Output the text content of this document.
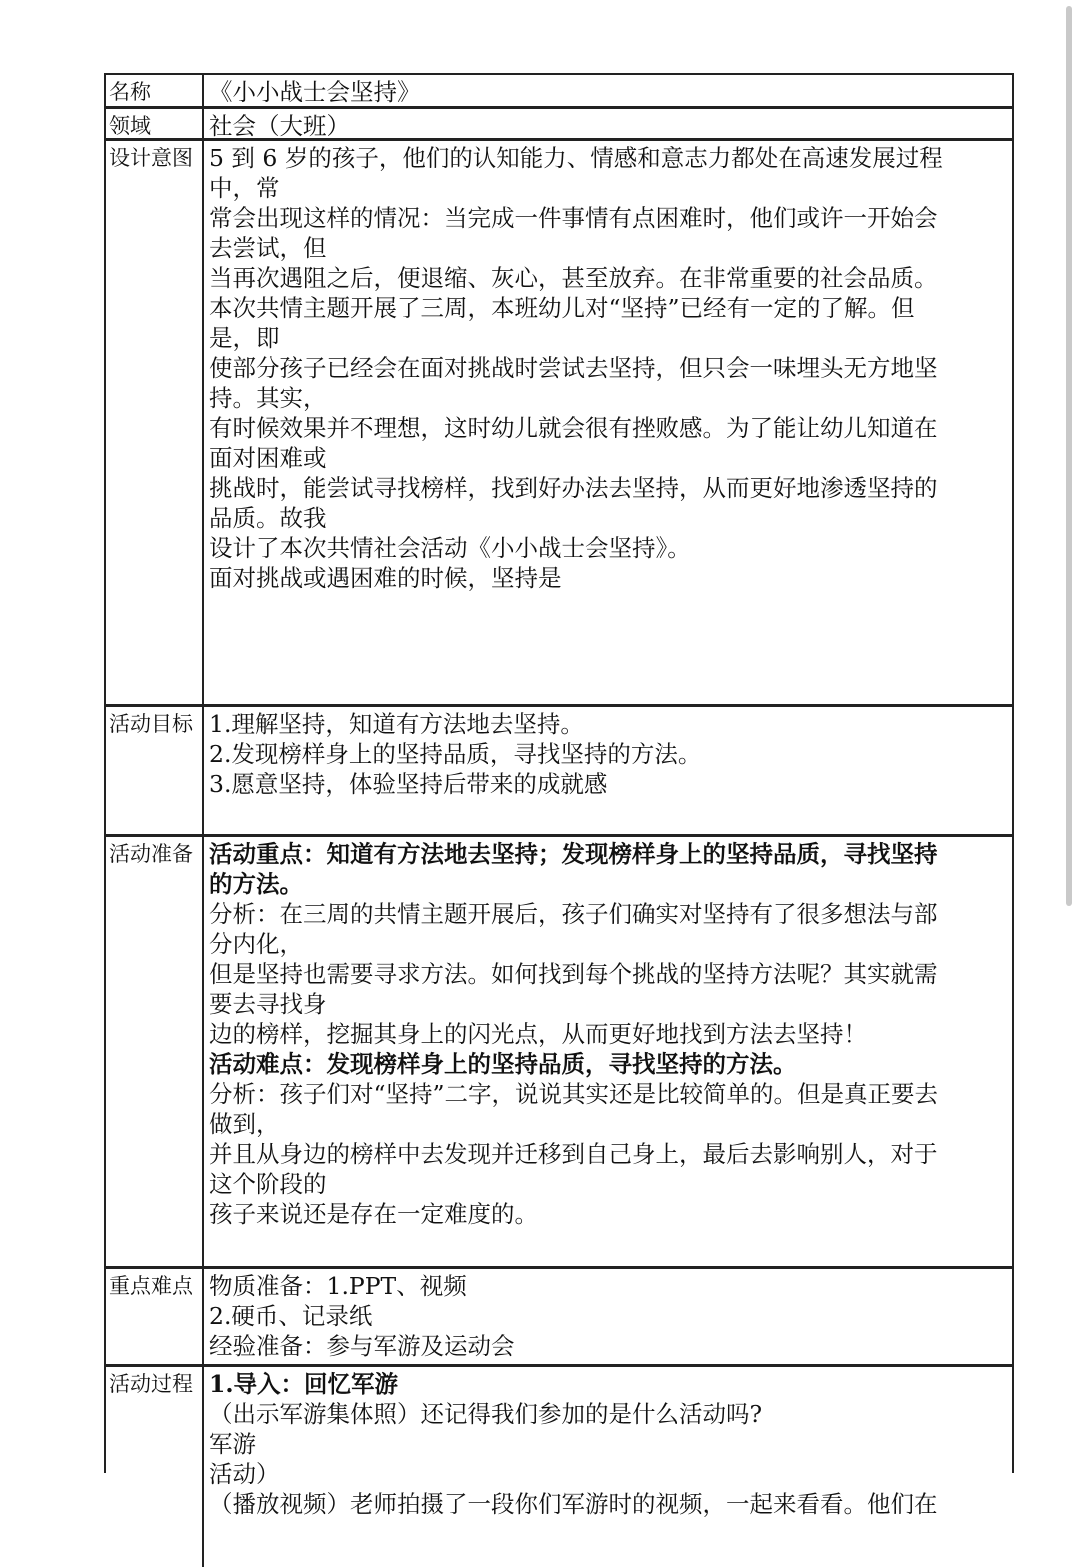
名称	《小小战士会坚持》
领域	社会（大班）
设计意图 5 到 6 岁的孩子，他们的认知能力、情感和意志力都处在高速发展过程
中，常
常会出现这样的情况：当完成一件事情有点困难时，他们或许一开始会
去尝试，但
当再次遇阻之后，便退缩、灰心，甚至放弃。在非常重要的社会品质。
本次共情主题开展了三周，本班幼儿对“坚持”已经有一定的了解。但
是，即
使部分孩子已经会在面对挑战时尝试去坚持，但只会一味埋头无方地坚
持。其实，
有时候效果并不理想，这时幼儿就会很有挫败感。为了能让幼儿知道在
面对困难或
挑战时，能尝试寻找榜样，找到好办法去坚持，从而更好地渗透坚持的
品质。故我
设计了本次共情社会活动《小小战士会坚持》。
面对挑战或遇困难的时候，坚持是
活动目标 1.理解坚持，知道有方法地去坚持。
2.发现榜样身上的坚持品质，寻找坚持的方法。
3.愿意坚持，体验坚持后带来的成就感
活动准备 活动重点：知道有方法地去坚持；发现榜样身上的坚持品质，寻找坚持
的方法。
分析：在三周的共情主题开展后，孩子们确实对坚持有了很多想法与部
分内化，
但是坚持也需要寻求方法。如何找到每个挑战的坚持方法呢？其实就需
要去寻找身
边的榜样，挖掘其身上的闪光点，从而更好地找到方法去坚持！
活动难点：发现榜样身上的坚持品质，寻找坚持的方法。
分析：孩子们对“坚持”二字，说说其实还是比较简单的。但是真正要去
做到，
并且从身边的榜样中去发现并迁移到自己身上，最后去影响别人，对于
这个阶段的
孩子来说还是存在一定难度的。
重点难点 物质准备：1.PPT、视频
2.硬币、记录纸
经验准备：参与军游及运动会
活动过程 1.导入：回忆军游
（出示军游集体照）还记得我们参加的是什么活动吗?
军游
活动）
（播放视频）老师拍摄了一段你们军游时的视频，一起来看看。他们在
